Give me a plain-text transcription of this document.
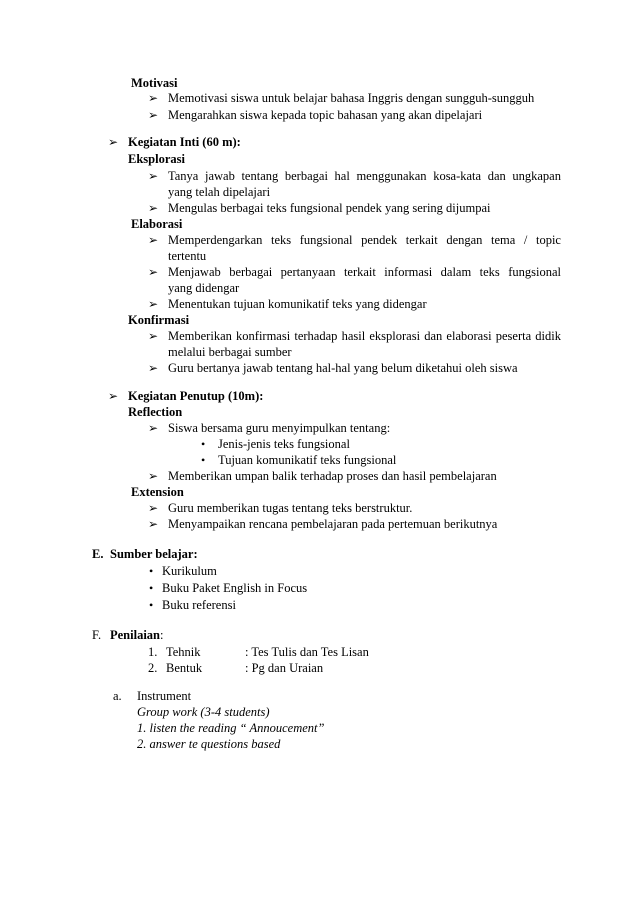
Motivasi
➢ Memotivasi siswa untuk belajar bahasa Inggris dengan sungguh-sungguh
➢ Mengarahkan siswa kepada topic bahasan yang akan dipelajari
➢ Kegiatan Inti (60 m):
Eksplorasi
➢ Tanya jawab tentang berbagai hal menggunakan kosa-kata dan ungkapan
yang telah dipelajari
➢ Mengulas berbagai teks fungsional pendek yang sering dijumpai
Elaborasi
➢ Memperdengarkan teks fungsional pendek terkait dengan tema / topic
tertentu
➢ Menjawab berbagai pertanyaan terkait informasi dalam teks fungsional
yang didengar
➢ Menentukan tujuan komunikatif teks yang didengar
Konfirmasi
➢ Memberikan konfirmasi terhadap hasil eksplorasi dan elaborasi peserta didik
melalui berbagai sumber
➢ Guru bertanya jawab tentang hal-hal yang belum diketahui oleh siswa
➢ Kegiatan Penutup (10m):
Reflection
➢ Siswa bersama guru menyimpulkan tentang:
• Jenis-jenis teks fungsional
• Tujuan komunikatif teks fungsional
➢ Memberikan umpan balik terhadap proses dan hasil pembelajaran
Extension
➢ Guru memberikan tugas tentang teks berstruktur.
➢ Menyampaikan rencana pembelajaran pada pertemuan berikutnya
E. Sumber belajar:
• Kurikulum
• Buku Paket English in Focus
• Buku referensi
F. Penilaian:
1. Tehnik	: Tes Tulis dan Tes Lisan
2. Bentuk	: Pg dan Uraian
a. Instrument
Group work (3-4 students)
1. listen the reading “ Annoucement”
2. answer te questions based
